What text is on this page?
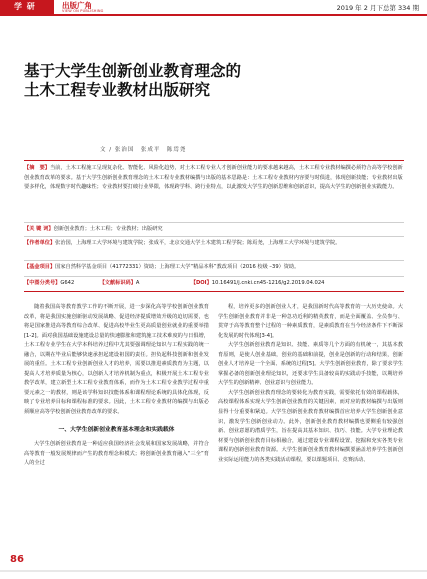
学 研	出版广角
VIEW ON PUBLISHING	2019 年 2 月下总第 334 期
基于大学生创新创业教育理念的
土木工程专业教材出版研究
文 / 张治国　张成平　陈焉尧
【摘　要】当前，土木工程施工呈现复杂化、智能化、风险化趋势，对土木工程专业人才创新创业能力的要求越来越高，土木工程专业教材编撰必须符合高等学校创新创业教育改革的要求。基于大学生创新创业教育理念的土木工程专业教材编撰与出版的基本思路是：土木工程专业教材内容要与时俱进，体现创新技能；专业教材出版要多样化，体现数字时代趣味性；专业教材要打破行业界限，体现跨学科、跨行业特点，以此激发大学生的创新思维和创新意识，提高大学生的创新创业实践能力。
【关 键 词】创新创业教育；土木工程；专业教材；出版研究
【作者单位】张治国，上海理工大学环境与建筑学院；张成平，北京交通大学土木建筑工程学院；陈焉尧，上海理工大学环境与建筑学院。
【基金项目】国家自然科学基金项目（41772331）资助；上海理工大学“精品本科”教改项目（2016 校级 –39）资助。
【中图分类号】G642	【文献标识码】A	【DOI】10.16491/j.cnki.cn45-1216/g2.2019.04.024

随着我国高等教育教学工作的不断开展，进一步深化高等学校创新创业教育改革，将是我国实施创新驱动发展战略、促进经济提质增效升级的迫切需要，也将是国家推进高等教育综合改革、促进高校毕业生更高质量创业就业的重要举措[1-2]。面对我国基础设施建设总量的快速膨胀和建筑施工技术难度的与日俱增，土木工程专业学生在大学本科培养过程中尤其要强调理论知识与工程实践的统一融合，以期在毕业后能够快速承担起建设祖国的责任。担负起科技创新和创业发展的重任。土木工程专业创新创业人才的培养，需要以推进素质教育为主题，以提高人才培养质量为核心，以创新人才培养机制为重点，积极开展土木工程专业教学改革，建立新型土木工程专业教育体系，而作为土木工程专业教学过程中重要元素之一的教材，则是该学科知识技能体系和课程理论系统的具体化体现，反映了专业培养目标和课程标准的要求。因此，土木工程专业教材的编撰与出版必须顺应高等学校创新创业教育改革的要求。

一、大学生创新创业教育基本理念和实践载体

大学生创新创业教育是一种适应我国经济社会发展和国家发展战略，并符合高等教育一般发展规律而产生的教育理念和模式；将创新创业教育融入“三全”育人的全过

程，培养更多的创新创业人才，是我国新时代高等教育的一大历史使命。大学生创新创业教育并非是一种急功近利的精英教育，而是全面覆盖、全员参与、贯穿于高等教育整个过程的一种素质教育，是素质教育在当今经济条件下不断深化发展的时代体现[3-4]。

大学生创新创业教育是知识、技能、素质等几个方面的有机统一，其基本教育原则，是使人创业基础，创业的基础和前提，创业是创新的行动和结果，创新创业人才培养是一个全面、系统的过程[5]。大学生创新创业教育，除了要求学生掌握必备的创新创业理论知识，还要求学生具备较高的实践动手技能，以期培养大学生的创新精神、创业意识与创业能力。

大学生创新创业教育理念的要转化为教育实践，需要依托有效的课程载体，高校课程体系实现大学生创新创业教育的关键因素，而对应的教材编撰与出版则显得十分重要和紧迫。大学生创新创业教育教材编撰首应培养大学生创新创业意识，激发学生创新创业动力。此外，创新创业教育教材编撰也要侧重有较强创新、创业意愿的潜质学生，旨在提高其基本知识、技巧、技能。大学专业理论教材要与创新创业教育目标相融合，通过建设专业课程设置，挖掘和充实各类专业课程的创新创业教育资源。大学生创新创业教育教材编撰要涵盖培养学生创新创业实际运用能力的各类实践活动课程，要以课题项目、竞赛活动、

86
